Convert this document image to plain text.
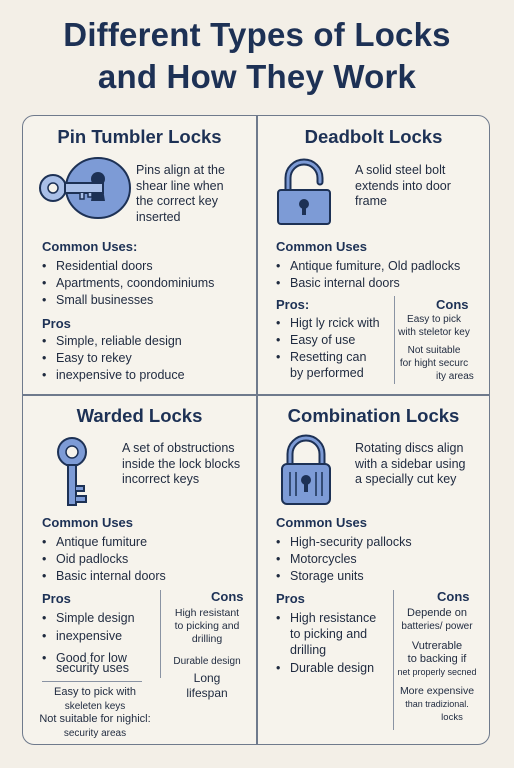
Different Types of Locks
and How They Work
Pin Tumbler Locks
Pins align at the
shear line when
the correct key
inserted
Common Uses:
• Residential doors
• Apartments, coondominiums
• Small businesses
Pros
• Simple, reliable design
• Easy to rekey
• inexpensive to produce
Deadbolt Locks
A solid steel bolt
extends into door
frame
Common Uses
• Antique fumiture, Old padlocks
• Basic internal doors
Pros:
• Higt ly rcick with
• Easy of use
• Resetting can
by performed
Cons
Easy to pick
with steletor key
Not suitable
for hight securc
ity areas
Warded Locks
A set of obstructions
inside the lock blocks
incorrect keys
Common Uses
• Antique fumiture
• Oid padlocks
• Basic internal doors
Pros
• Simple design
• inexpensive
• Good for low
security uses
Cons
High resistant
to picking and
drilling
Durable design
Long
lifespan
Easy to pick with
skeleten keys
Not suitable for nighicl:
security areas
Combination Locks
Rotating discs align
with a sidebar using
a specially cut key
Common Uses
• High-security pallocks
• Motorcycles
• Storage units
Pros
• High resistance
to picking and
drilling
• Durable design
Cons
Depende on
batteries/ power
Vutrerable
to backing if
net properly secned
More expensive
than tradizional.
locks
